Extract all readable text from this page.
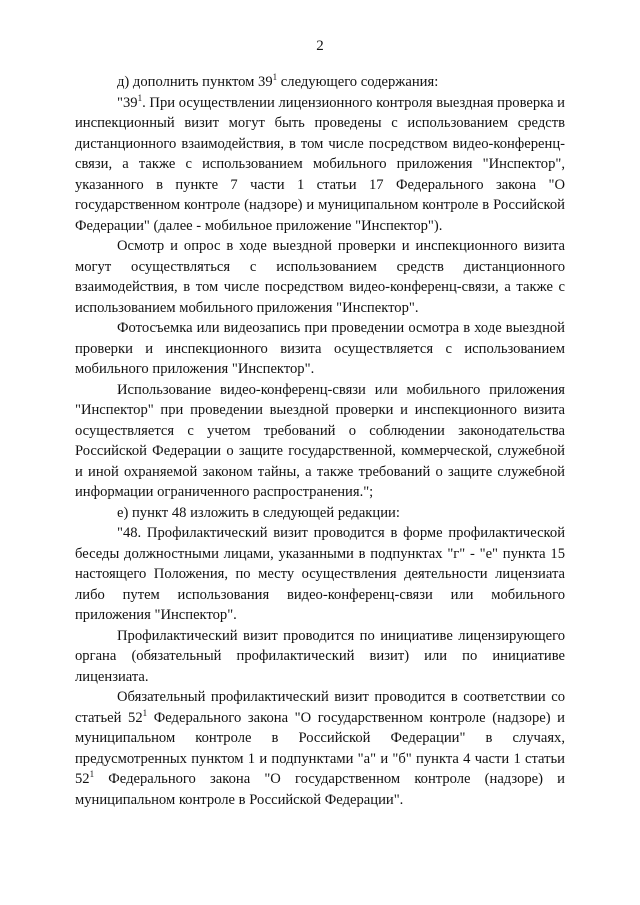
2

д) дополнить пунктом $39^1$ следующего содержания:

"$39^1$. При осуществлении лицензионного контроля выездная проверка и инспекционный визит могут быть проведены с использованием средств дистанционного взаимодействия, в том числе посредством видео-конференц-связи, а также с использованием мобильного приложения "Инспектор", указанного в пункте 7 части 1 статьи 17 Федерального закона "О государственном контроле (надзоре) и муниципальном контроле в Российской Федерации" (далее - мобильное приложение "Инспектор").

Осмотр и опрос в ходе выездной проверки и инспекционного визита могут осуществляться с использованием средств дистанционного взаимодействия, в том числе посредством видео-конференц-связи, а также с использованием мобильного приложения "Инспектор".

Фотосъемка или видеозапись при проведении осмотра в ходе выездной проверки и инспекционного визита осуществляется с использованием мобильного приложения "Инспектор".

Использование видео-конференц-связи или мобильного приложения "Инспектор" при проведении выездной проверки и инспекционного визита осуществляется с учетом требований о соблюдении законодательства Российской Федерации о защите государственной, коммерческой, служебной и иной охраняемой законом тайны, а также требований о защите служебной информации ограниченного распространения.";

е) пункт 48 изложить в следующей редакции:

"48. Профилактический визит проводится в форме профилактической беседы должностными лицами, указанными в подпунктах "г" - "е" пункта 15 настоящего Положения, по месту осуществления деятельности лицензиата либо путем использования видео-конференц-связи или мобильного приложения "Инспектор".

Профилактический визит проводится по инициативе лицензирующего органа (обязательный профилактический визит) или по инициативе лицензиата.

Обязательный профилактический визит проводится в соответствии со статьей $52^1$ Федерального закона "О государственном контроле (надзоре) и муниципальном контроле в Российской Федерации" в случаях, предусмотренных пунктом 1 и подпунктами "а" и "б" пункта 4 части 1 статьи $52^1$ Федерального закона "О государственном контроле (надзоре) и муниципальном контроле в Российской Федерации".
